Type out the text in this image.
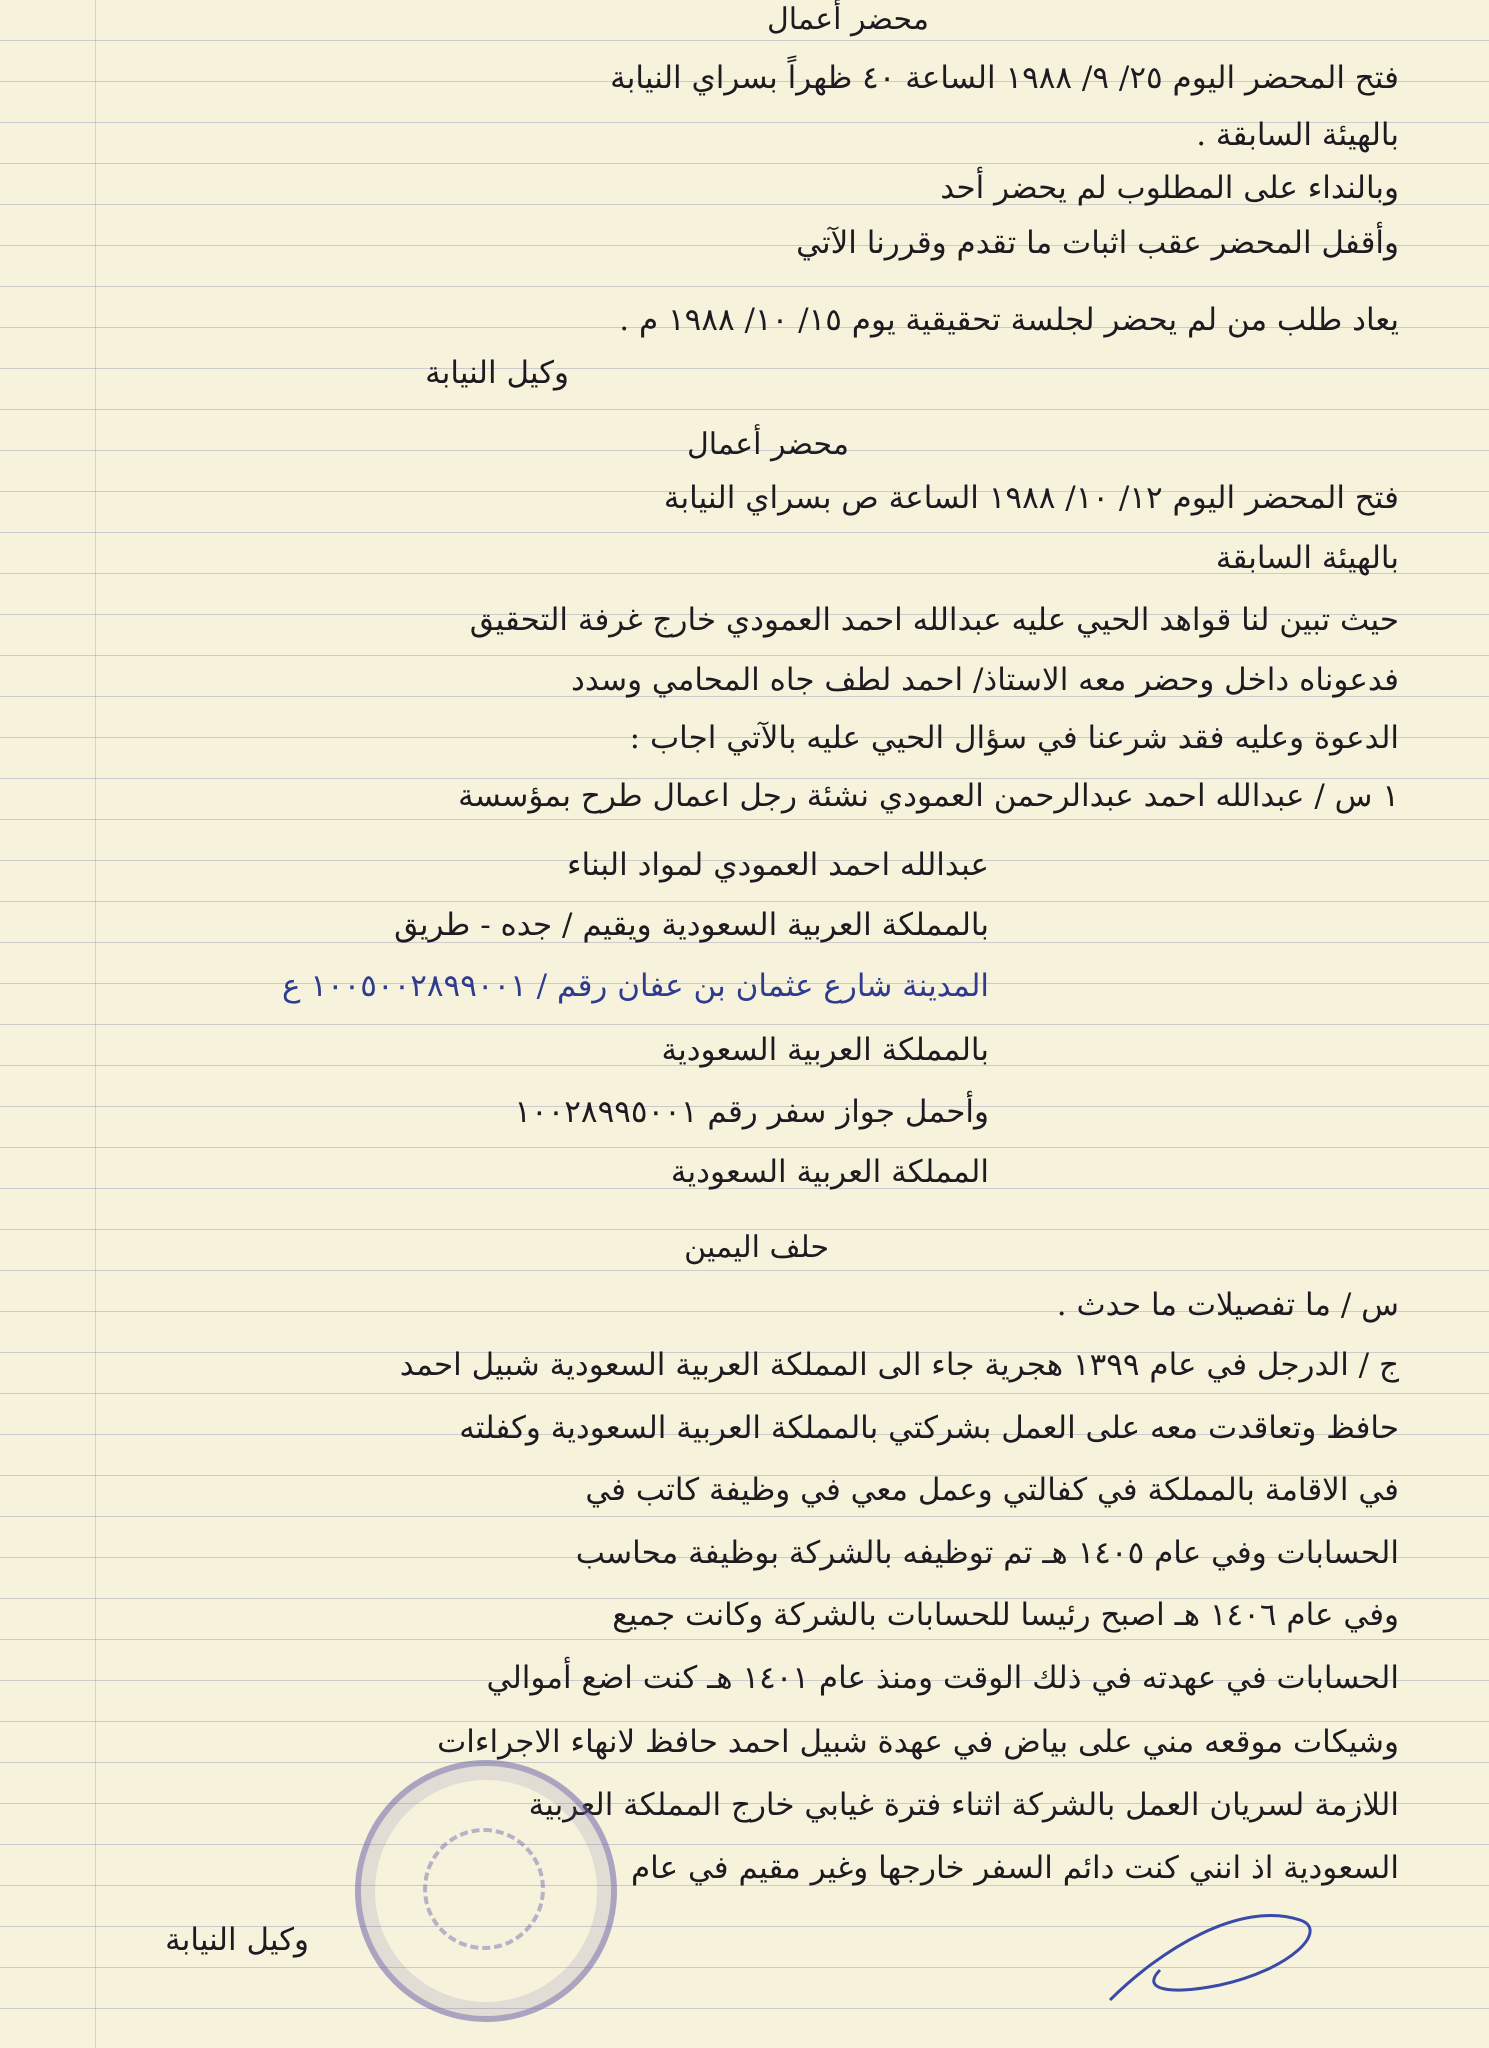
محضر أعمال
فتح المحضر اليوم ٢٥/ ٩/ ١٩٨٨ الساعة ٤٠ ظهراً بسراي النيابة
بالهيئة السابقة .
وبالنداء على المطلوب لم يحضر أحد
وأقفل المحضر عقب اثبات ما تقدم وقررنا الآتي
يعاد طلب من لم يحضر لجلسة تحقيقية يوم ١٥/ ١٠/ ١٩٨٨ م .
وكيل النيابة
محضر أعمال
فتح المحضر اليوم ١٢/ ١٠/ ١٩٨٨ الساعة ص بسراي النيابة
بالهيئة السابقة
حيث تبين لنا قواهد الحيي عليه عبدالله احمد العمودي خارج غرفة التحقيق
فدعوناه داخل وحضر معه الاستاذ/ احمد لطف جاه المحامي وسدد
الدعوة وعليه فقد شرعنا في سؤال الحيي عليه بالآتي اجاب :
١ س / عبدالله احمد عبدالرحمن العمودي نشئة رجل اعمال طرح بمؤسسة
عبدالله احمد العمودي لمواد البناء
بالمملكة العربية السعودية ويقيم / جده - طريق
المدينة شارع عثمان بن عفان رقم / ١٠٠٥٠٠٢٨٩٩٠٠١ ع
بالمملكة العربية السعودية
وأحمل جواز سفر رقم ١٠٠٢٨٩٩٥٠٠١
المملكة العربية السعودية
حلف اليمين
س / ما تفصيلات ما حدث .
ج / الدرجل في عام ١٣٩٩ هجرية جاء الى المملكة العربية السعودية شبيل احمد
حافظ وتعاقدت معه على العمل بشركتي بالمملكة العربية السعودية وكفلته
في الاقامة بالمملكة في كفالتي وعمل معي في وظيفة كاتب في
الحسابات وفي عام ١٤٠٥ هـ تم توظيفه بالشركة بوظيفة محاسب
وفي عام ١٤٠٦ هـ اصبح رئيسا للحسابات بالشركة وكانت جميع
الحسابات في عهدته في ذلك الوقت ومنذ عام ١٤٠١ هـ كنت اضع أموالي
وشيكات موقعه مني على بياض في عهدة شبيل احمد حافظ لانهاء الاجراءات
اللازمة لسريان العمل بالشركة اثناء فترة غيابي خارج المملكة العربية
السعودية اذ انني كنت دائم السفر خارجها وغير مقيم في عام
وكيل النيابة
